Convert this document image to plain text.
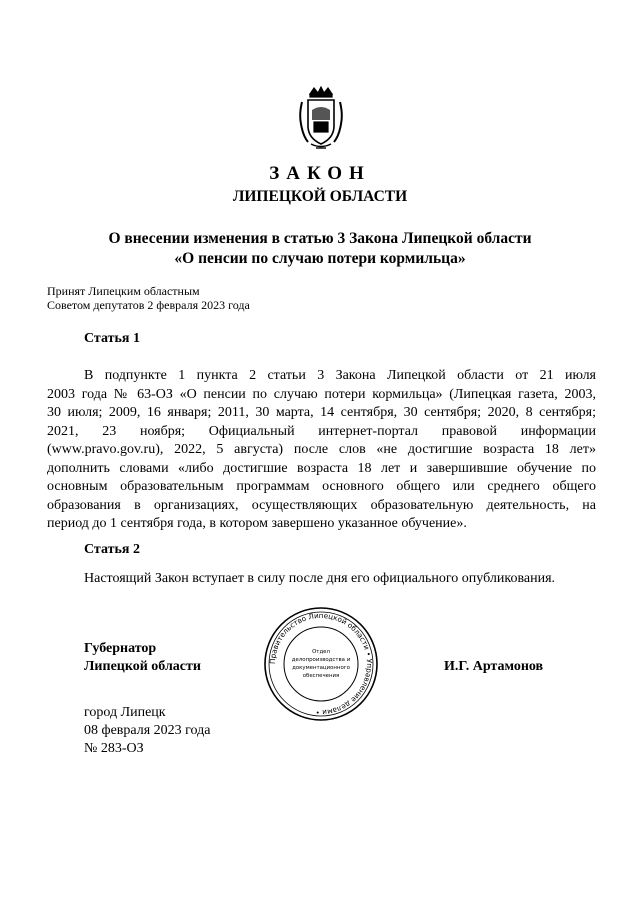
ЗАКОН
ЛИПЕЦКОЙ ОБЛАСТИ
О внесении изменения в статью 3 Закона Липецкой области
«О пенсии по случаю потери кормильца»
Принят Липецким областным
Советом депутатов 2 февраля 2023 года
Статья 1
В подпункте 1 пункта 2 статьи 3 Закона Липецкой области от 21 июля
2003 года № 63-ОЗ «О пенсии по случаю потери кормильца» (Липецкая газета, 2003,
30 июля; 2009, 16 января; 2011, 30 марта, 14 сентября, 30 сентября; 2020, 8 сентября;
2021, 23 ноября; Официальный интернет-портал правовой информации
(www.pravo.gov.ru), 2022, 5 августа) после слов «не достигшие возраста 18 лет»
дополнить словами «либо достигшие возраста 18 лет и завершившие обучение по
основным образовательным программам основного общего или среднего общего
образования в организациях, осуществляющих образовательную деятельность, на
период до 1 сентября года, в котором завершено указанное обучение».
Статья 2
Настоящий Закон вступает в силу после дня его официального опубликования.
Губернатор
Липецкой области	И.Г. Артамонов
Правительство Липецкой области • Управление делами •
Отдел
делопроизводства и
документационного
обеспечения
город Липецк
08 февраля 2023 года
№ 283-ОЗ
